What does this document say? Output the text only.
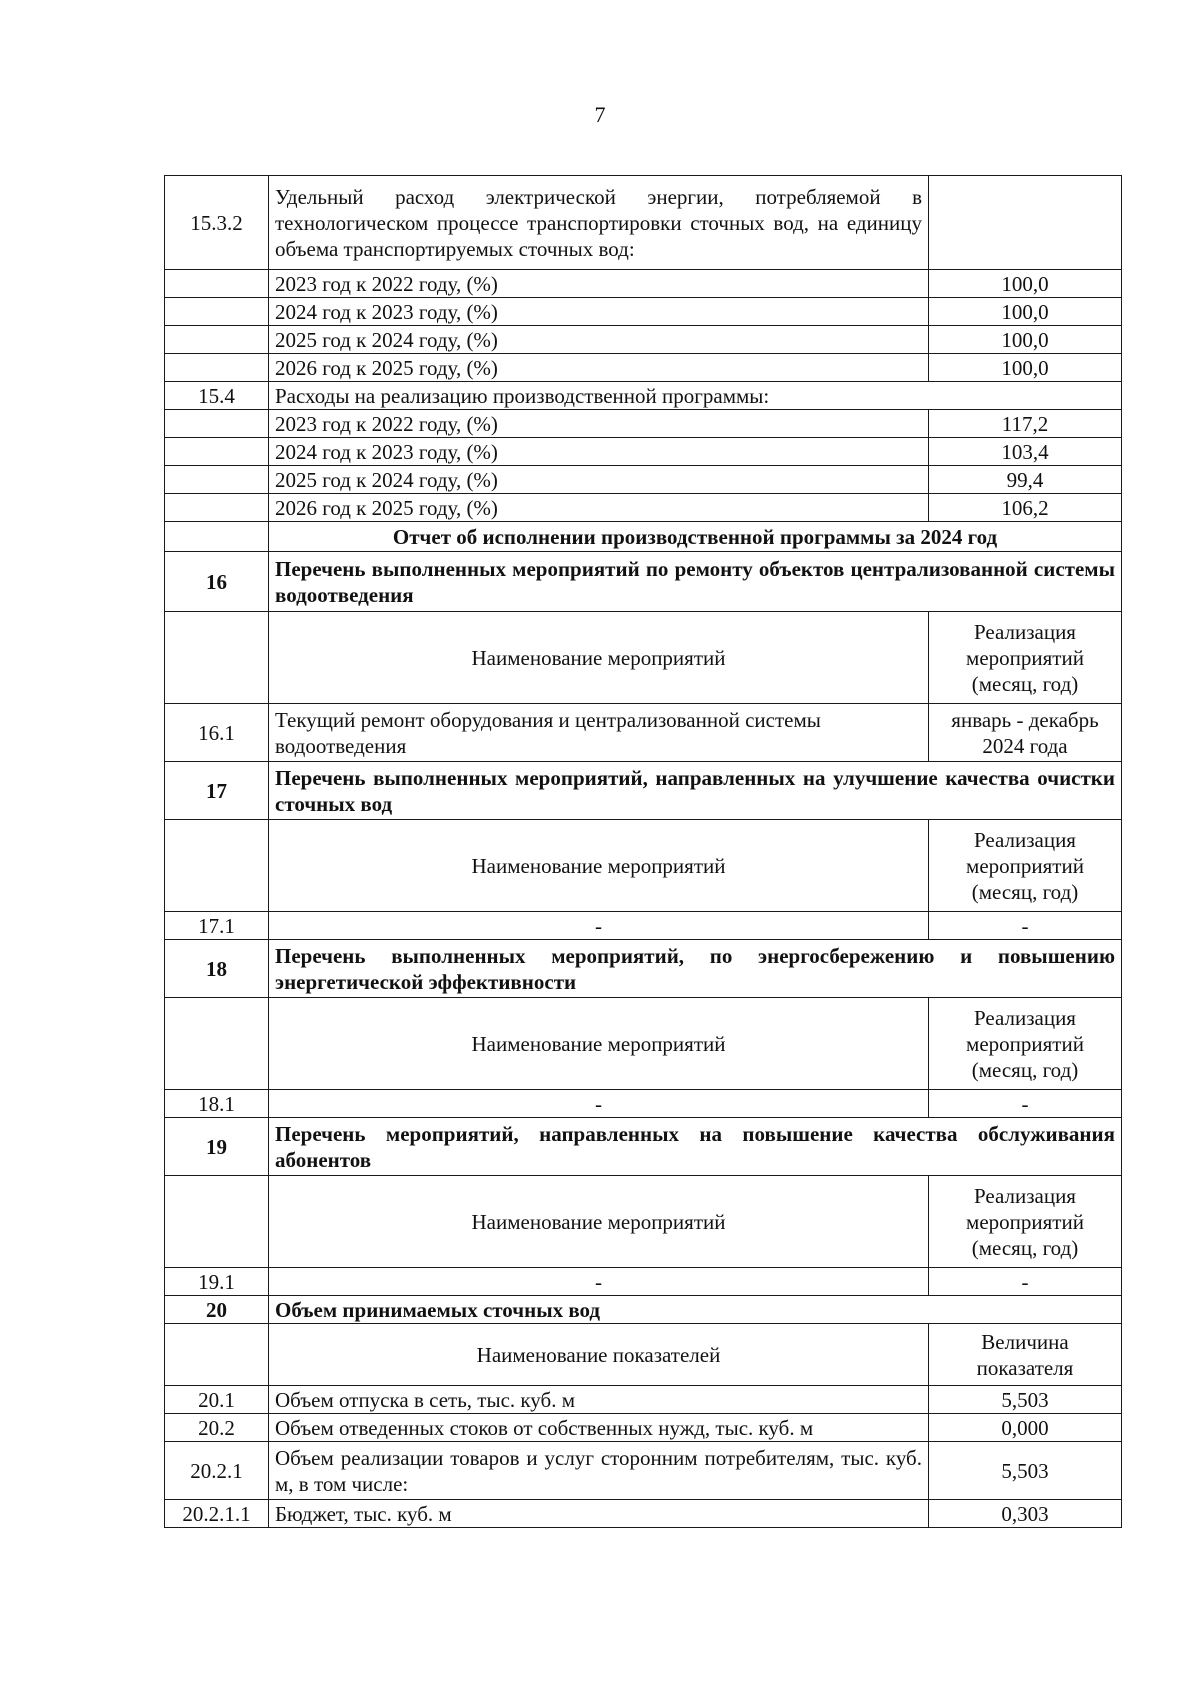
7
15.3.2	Удельный расход электрической энергии, потребляемой в технологическом процессе транспортировки сточных вод, на единицу объема транспортируемых сточных вод:	
	2023 год к 2022 году, (%)	100,0
	2024 год к 2023 году, (%)	100,0
	2025 год к 2024 году, (%)	100,0
	2026 год к 2025 году, (%)	100,0
15.4	Расходы на реализацию производственной программы:	
	2023 год к 2022 году, (%)	117,2
	2024 год к 2023 году, (%)	103,4
	2025 год к 2024 году, (%)	99,4
	2026 год к 2025 году, (%)	106,2
	Отчет об исполнении производственной программы за 2024 год	
16	Перечень выполненных мероприятий по ремонту объектов централизованной системы водоотведения	
	Наименование мероприятий	Реализация
мероприятий
(месяц, год)

16.1	Текущий ремонт оборудования и централизованной системы водоотведения	январь - декабрь
2024 года

17	Перечень выполненных мероприятий, направленных на улучшение качества очистки сточных вод	
	Наименование мероприятий	Реализация
мероприятий
(месяц, год)

17.1	-	-
18	Перечень выполненных мероприятий, по энергосбережению и повышению энергетической эффективности	
	Наименование мероприятий	Реализация
мероприятий
(месяц, год)

18.1	-	-
19	Перечень мероприятий, направленных на повышение качества обслуживания абонентов	
	Наименование мероприятий	Реализация
мероприятий
(месяц, год)

19.1	-	-
20	Объем принимаемых сточных вод	
	Наименование показателей	Величина
показателя

20.1	Объем отпуска в сеть, тыс. куб. м	5,503
20.2	Объем отведенных стоков от собственных нужд, тыс. куб. м	0,000
20.2.1	Объем реализации товаров и услуг сторонним потребителям, тыс. куб. м, в том числе:	5,503
20.2.1.1	Бюджет, тыс. куб. м	0,303
